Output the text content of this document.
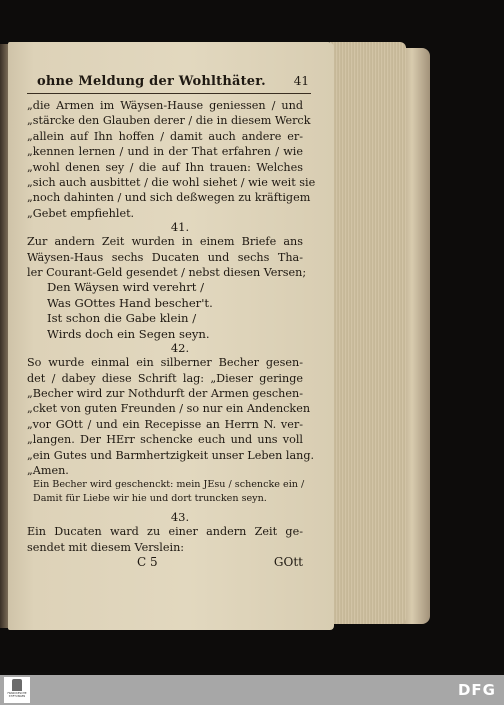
ohne Meldung der Wohlthäter. 41
„die Armen im Wäysen-Hause geniessen / und
„stärcke den Glauben derer / die in diesem Werck
„allein auf Ihn hoffen / damit auch andere er-
„kennen lernen / und in der That erfahren / wie
„wohl denen sey / die auf Ihn trauen: Welches
„sich auch ausbittet / die wohl siehet / wie weit sie
„noch dahinten / und sich deßwegen zu kräftigem
„Gebet empfiehlet.
41.
Zur andern Zeit wurden in einem Briefe ans
Wäysen-Haus sechs Ducaten und sechs Tha-
ler Courant-Geld gesendet / nebst diesen Versen;
Den Wäysen wird verehrt /
Was GOttes Hand bescher't.
Ist schon die Gabe klein /
Wirds doch ein Segen seyn.
42.
So wurde einmal ein silberner Becher gesen-
det / dabey diese Schrift lag: „Dieser geringe
„Becher wird zur Nothdurft der Armen geschen-
„cket von guten Freunden / so nur ein Andencken
„vor GOtt / und ein Recepisse an Herrn N. ver-
„langen. Der HErr schencke euch und uns voll
„ein Gutes und Barmhertzigkeit unser Leben lang.
„Amen.
Ein Becher wird geschenckt: mein JEsu / schencke ein /
Damit für Liebe wir hie und dort truncken seyn.
43.
Ein Ducaten ward zu einer andern Zeit ge-
sendet mit diesem Verslein:
C 5	GOtt
FRANCKESCHE STIFTUNGEN	DFG
